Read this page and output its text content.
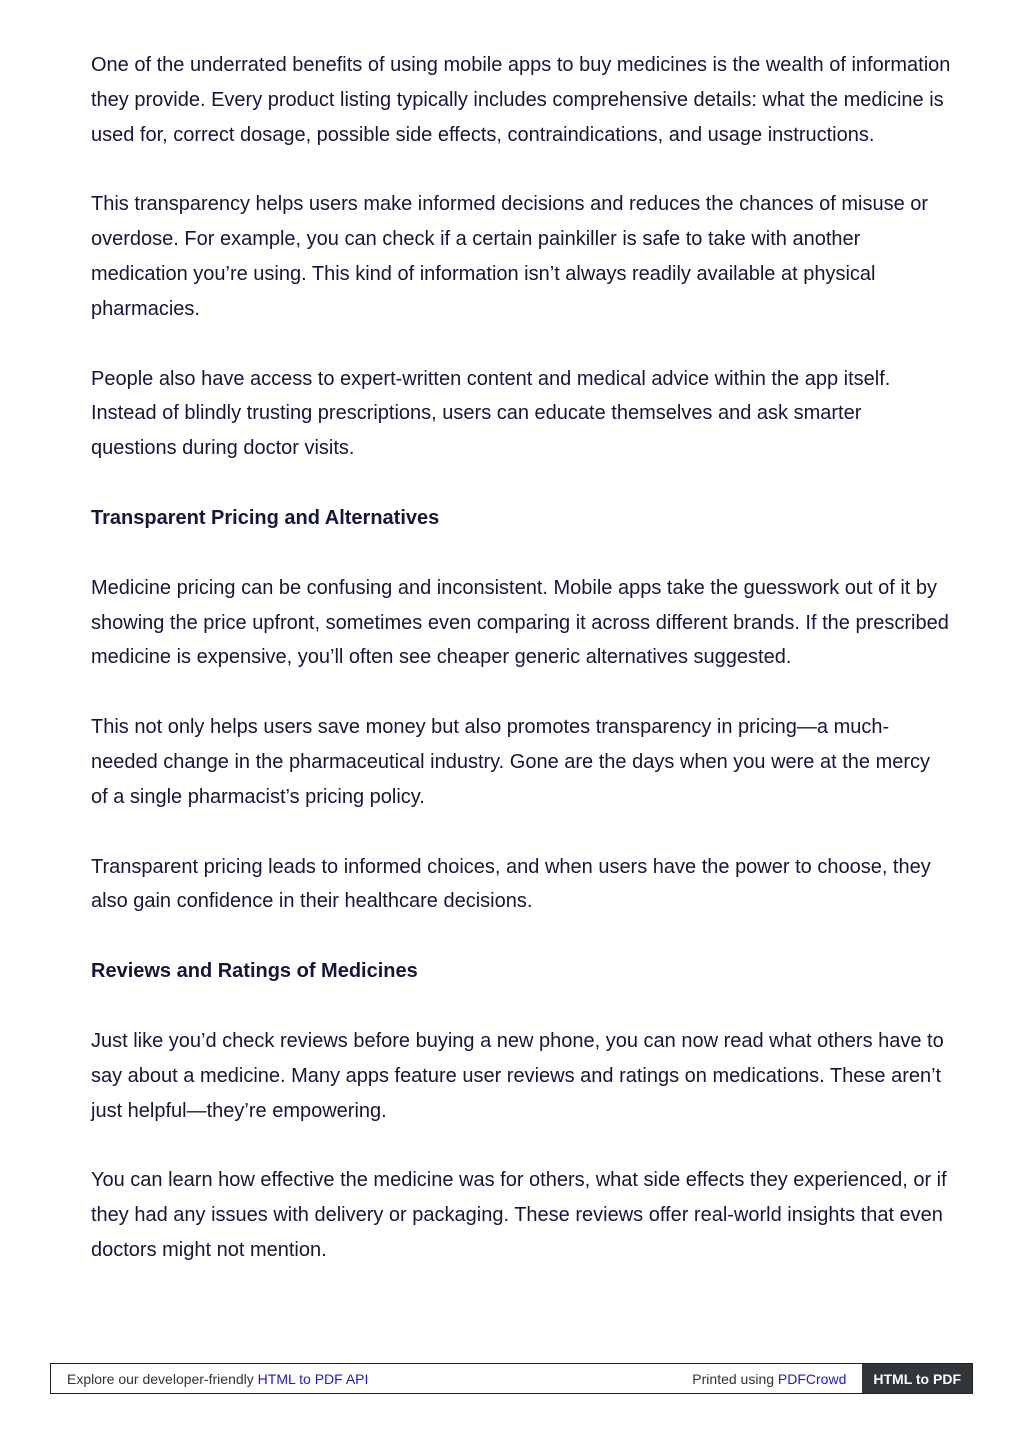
One of the underrated benefits of using mobile apps to buy medicines is the wealth of information they provide. Every product listing typically includes comprehensive details: what the medicine is used for, correct dosage, possible side effects, contraindications, and usage instructions.

This transparency helps users make informed decisions and reduces the chances of misuse or overdose. For example, you can check if a certain painkiller is safe to take with another medication you’re using. This kind of information isn’t always readily available at physical pharmacies.

People also have access to expert-written content and medical advice within the app itself. Instead of blindly trusting prescriptions, users can educate themselves and ask smarter questions during doctor visits.

Transparent Pricing and Alternatives

Medicine pricing can be confusing and inconsistent. Mobile apps take the guesswork out of it by showing the price upfront, sometimes even comparing it across different brands. If the prescribed medicine is expensive, you’ll often see cheaper generic alternatives suggested.

This not only helps users save money but also promotes transparency in pricing—a much-needed change in the pharmaceutical industry. Gone are the days when you were at the mercy of a single pharmacist’s pricing policy.

Transparent pricing leads to informed choices, and when users have the power to choose, they also gain confidence in their healthcare decisions.

Reviews and Ratings of Medicines

Just like you’d check reviews before buying a new phone, you can now read what others have to say about a medicine. Many apps feature user reviews and ratings on medications. These aren’t just helpful—they’re empowering.

You can learn how effective the medicine was for others, what side effects they experienced, or if they had any issues with delivery or packaging. These reviews offer real-world insights that even doctors might not mention.

Explore our developer-friendly HTML to PDF API	Printed using PDFCrowd	HTML to PDF
